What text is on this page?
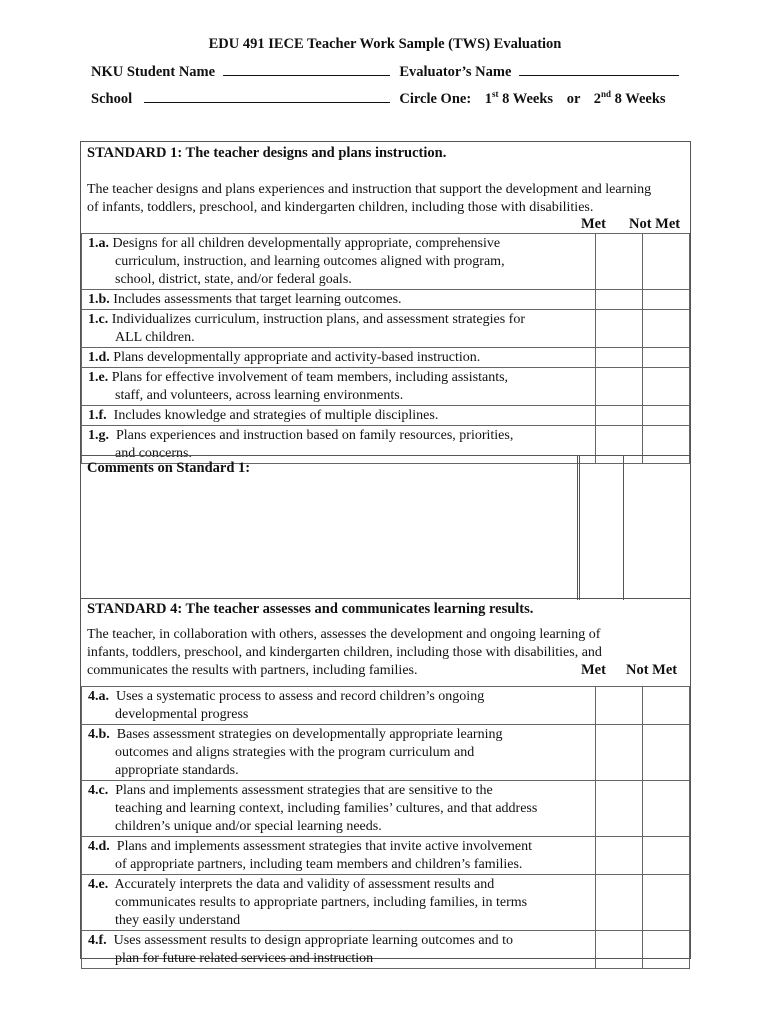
EDU 491 IECE Teacher Work Sample (TWS) Evaluation
NKU Student Name	Evaluator’s Name
School	Circle One: 1st 8 Weeks or 2nd 8 Weeks
STANDARD 1: The teacher designs and plans instruction.
The teacher designs and plans experiences and instruction that support the development and learning
of infants, toddlers, preschool, and kindergarten children, including those with disabilities.
Met Not Met
1.a. Designs for all children developmentally appropriate, comprehensive
curriculum, instruction, and learning outcomes aligned with program,
school, district, state, and/or federal goals.		

1.b. Includes assessments that target learning outcomes.		
1.c. Individualizes curriculum, instruction plans, and assessment strategies for
ALL children.		

1.d. Plans developmentally appropriate and activity-based instruction.		
1.e. Plans for effective involvement of team members, including assistants,
staff, and volunteers, across learning environments.		

1.f.  Includes knowledge and strategies of multiple disciplines.		
1.g.  Plans experiences and instruction based on family resources, priorities,
and concerns.		

Comments on Standard 1:
STANDARD 4: The teacher assesses and communicates learning results.
The teacher, in collaboration with others, assesses the development and ongoing learning of
infants, toddlers, preschool, and kindergarten children, including those with disabilities, and
communicates the results with partners, including families.	Met Not Met
4.a.  Uses a systematic process to assess and record children’s ongoing
developmental progress		

4.b.  Bases assessment strategies on developmentally appropriate learning
outcomes and aligns strategies with the program curriculum and
appropriate standards.		

4.c.  Plans and implements assessment strategies that are sensitive to the
teaching and learning context, including families’ cultures, and that address
children’s unique and/or special learning needs.		

4.d.  Plans and implements assessment strategies that invite active involvement
of appropriate partners, including team members and children’s families.		

4.e.  Accurately interprets the data and validity of assessment results and
communicates results to appropriate partners, including families, in terms
they easily understand		

4.f.  Uses assessment results to design appropriate learning outcomes and to
plan for future related services and instruction		
